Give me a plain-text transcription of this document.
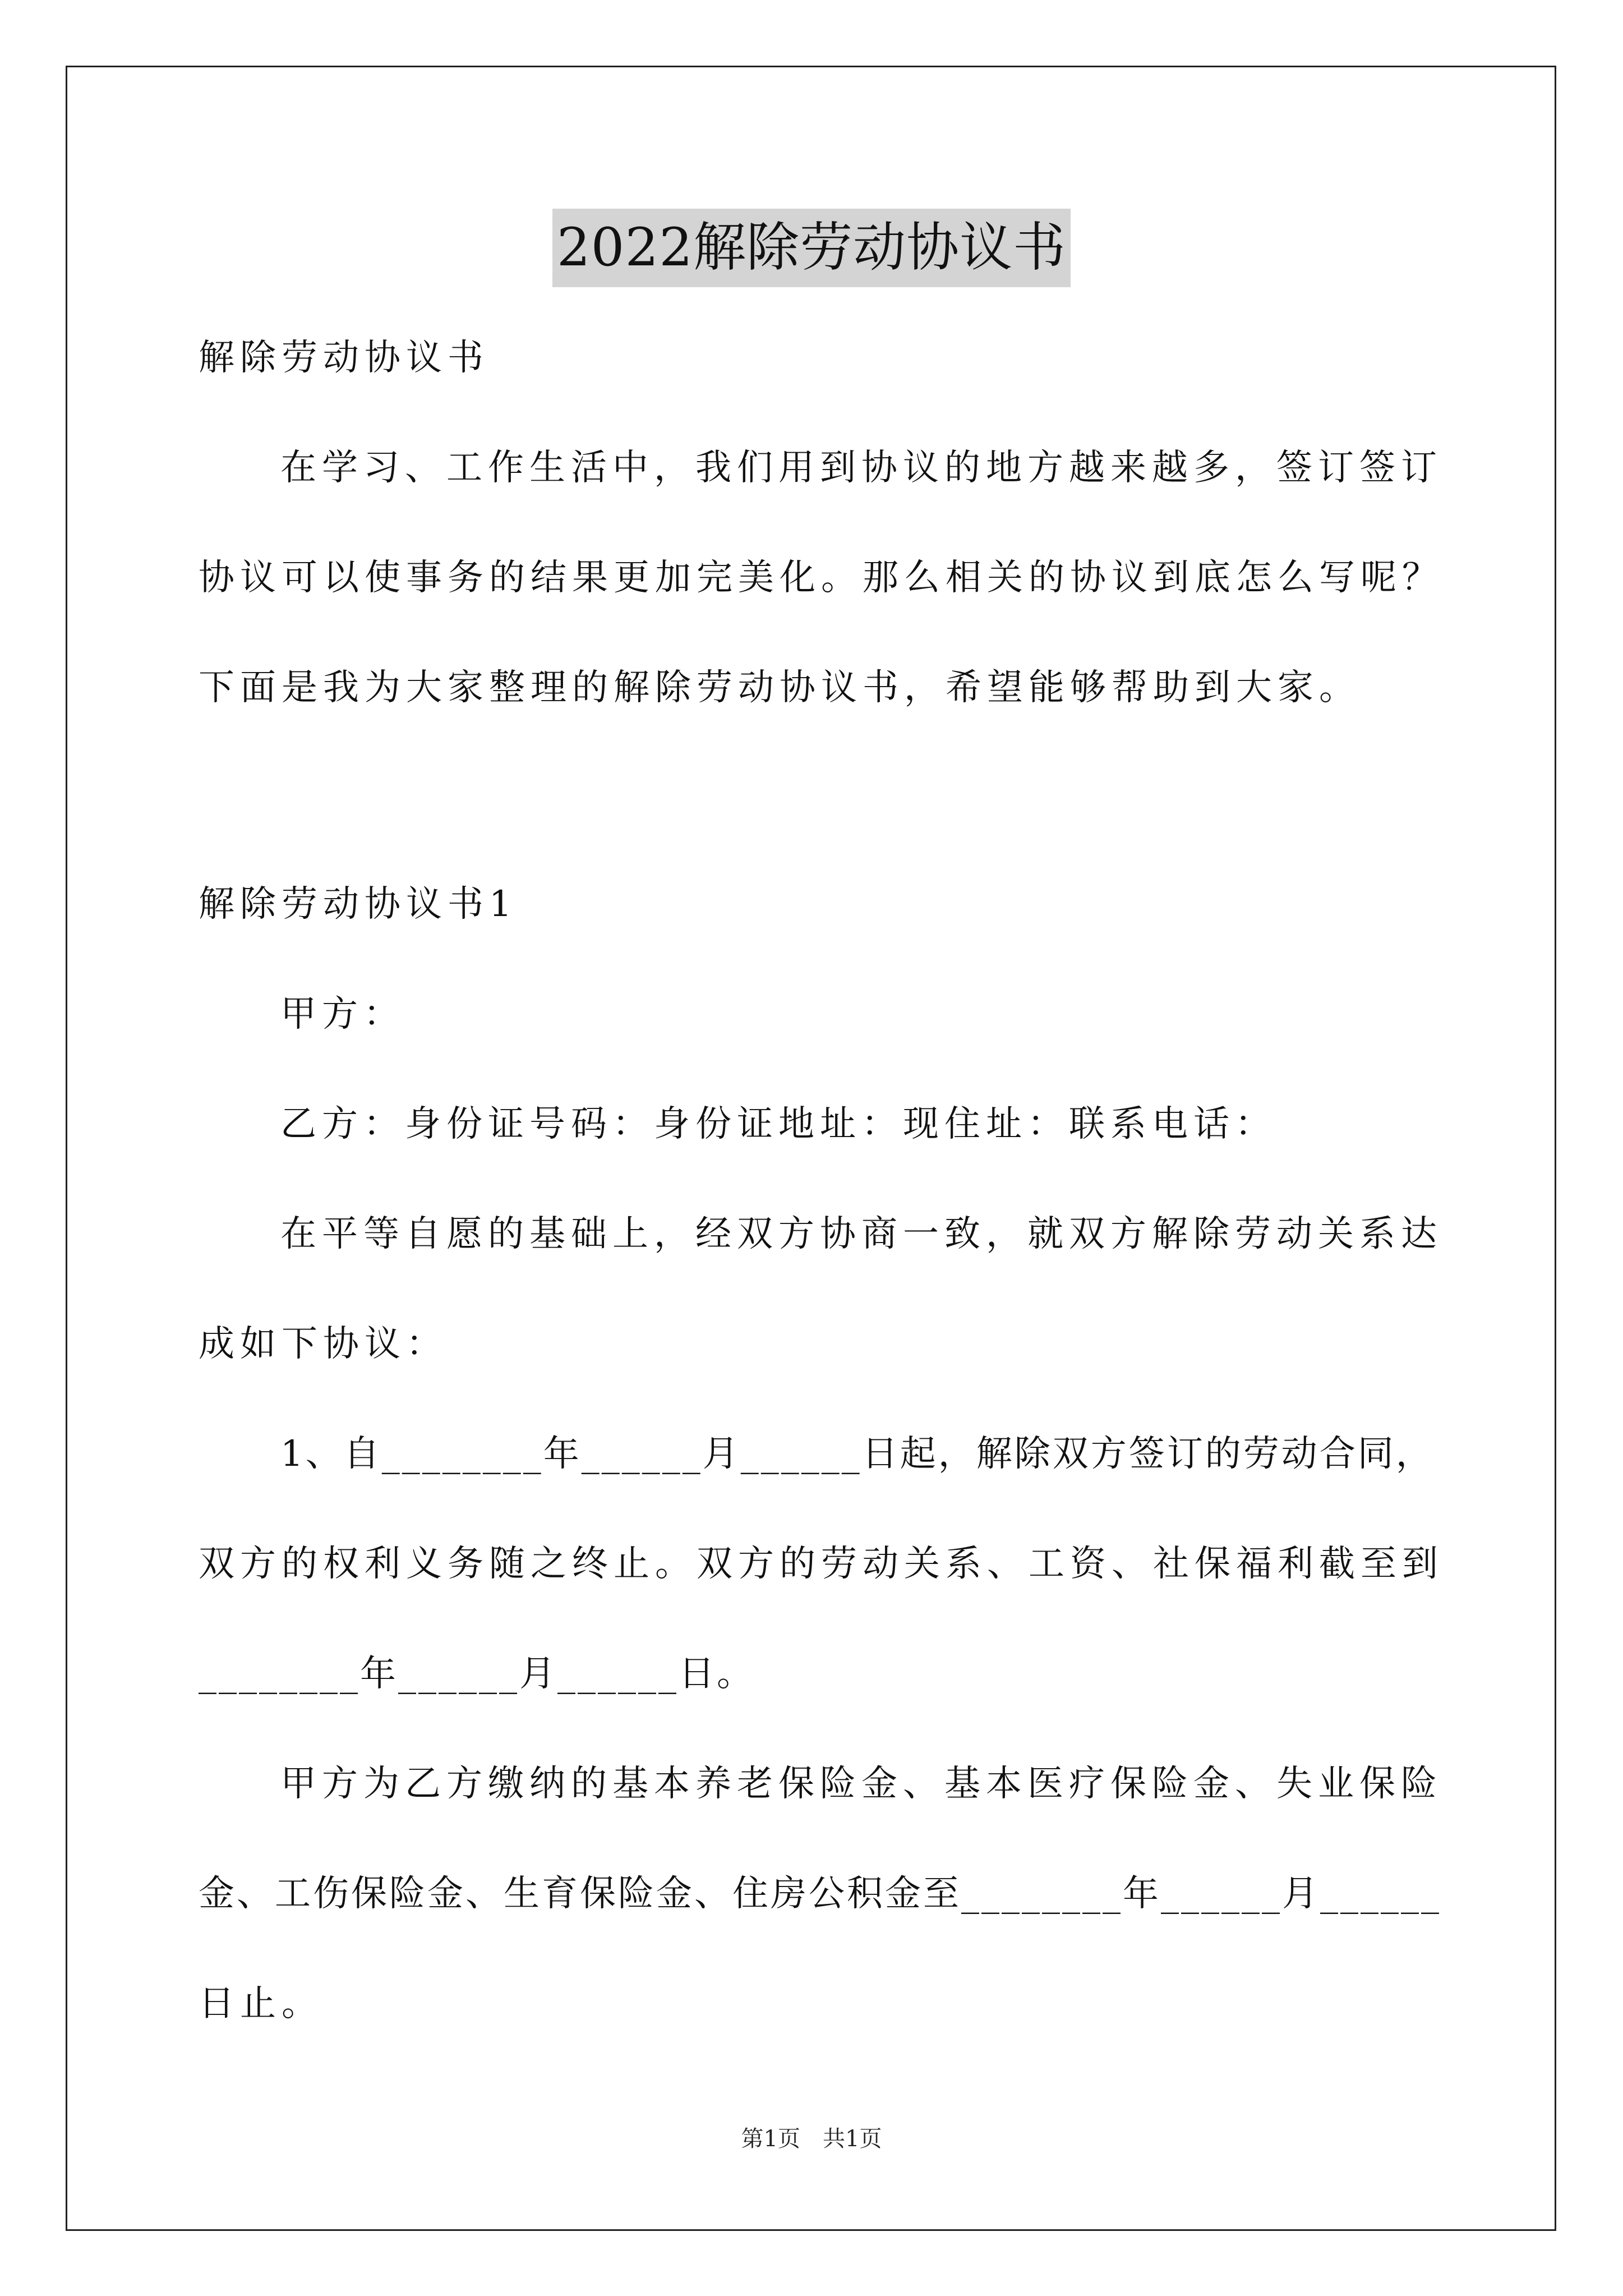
2022解除劳动协议书

解除劳动协议书

在学习、工作生活中，我们用到协议的地方越来越多，签订签订

协议可以使事务的结果更加完美化。那么相关的协议到底怎么写呢？

下面是我为大家整理的解除劳动协议书，希望能够帮助到大家。

解除劳动协议书1

甲方：

乙方：身份证号码：身份证地址：现住址：联系电话：

在平等自愿的基础上，经双方协商一致，就双方解除劳动关系达

成如下协议：

1、自________年______月______日起，解除双方签订的劳动合同，

双方的权利义务随之终止。双方的劳动关系、工资、社保福利截至到

________年______月______日。

甲方为乙方缴纳的基本养老保险金、基本医疗保险金、失业保险

金、工伤保险金、生育保险金、住房公积金至________年______月______

日止。

第1页　共1页
